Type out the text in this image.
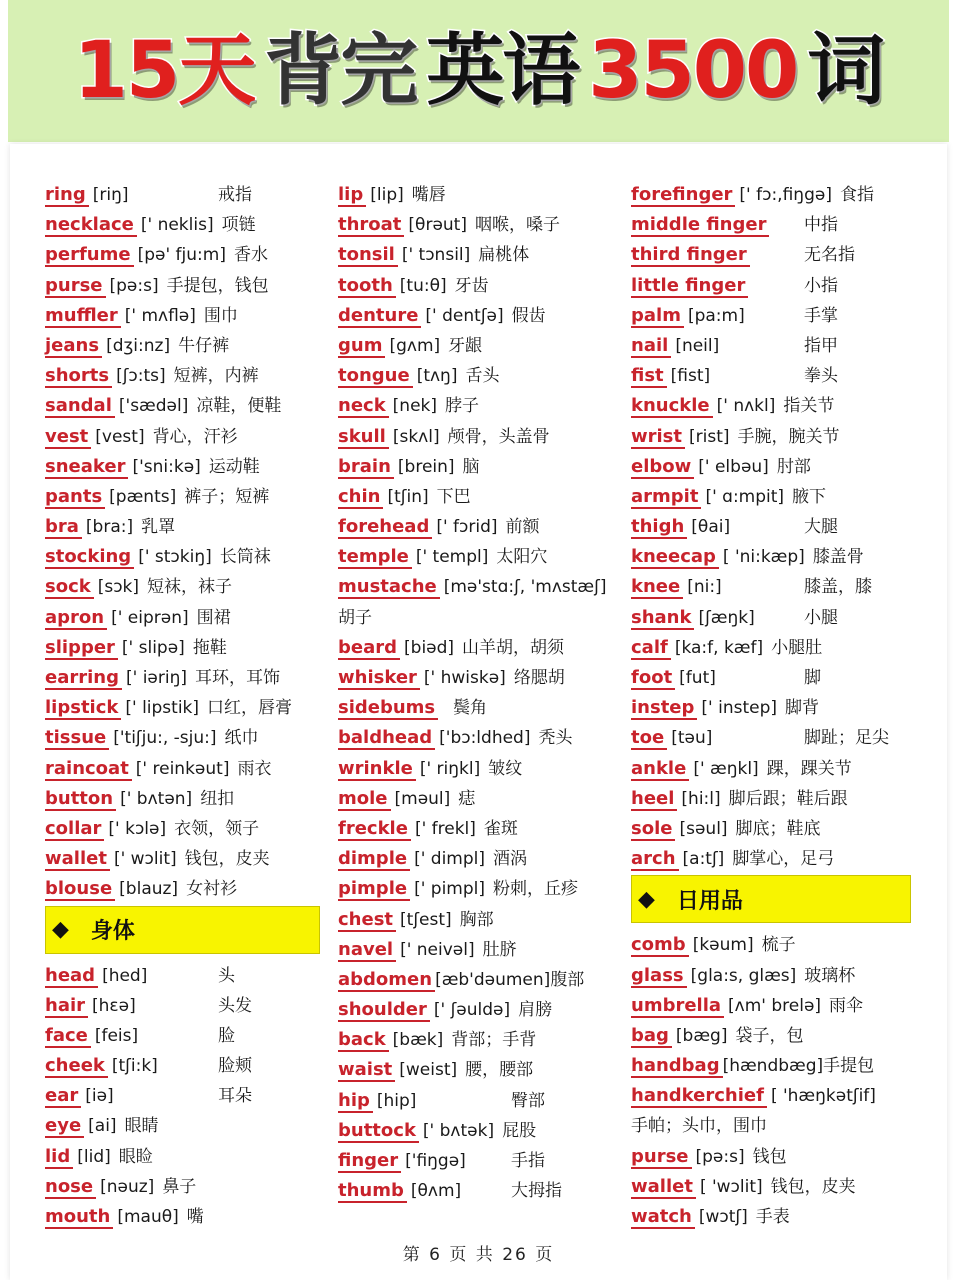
15天 背完 英语 3500 词
ring [riŋ]	戒指
necklace [' neklis] 项链
perfume [pə' fju:m] 香水
purse [pə:s] 手提包，钱包
muffler [' mʌflə] 围巾
jeans [dʒi:nz] 牛仔裤
shorts [ʃɔ:ts] 短裤，内裤
sandal ['sædəl] 凉鞋，便鞋
vest [vest] 背心，汗衫
sneaker ['sni:kə] 运动鞋
pants [pænts] 裤子；短裤
bra [bra:] 乳罩
stocking [' stɔkiŋ] 长筒袜
sock [sɔk] 短袜，袜子
apron [' eiprən] 围裙
slipper [' slipə] 拖鞋
earring [' iəriŋ] 耳环，耳饰
lipstick [' lipstik] 口红，唇膏
tissue ['tiʃju:, -sju:] 纸巾
raincoat [' reinkəut] 雨衣
button [' bʌtən] 纽扣
collar [' kɔlə] 衣领，领子
wallet [' wɔlit] 钱包，皮夹
blouse [blauz] 女衬衫
◆ 身体
head [hed]	头
hair [hεə]	头发
face [feis]	脸
cheek [tʃi:k]	脸颊
ear [iə]	耳朵
eye [ai] 眼睛
lid [lid] 眼睑
nose [nəuz] 鼻子
mouth [mauθ] 嘴
lip [lip] 嘴唇
throat [θrəut] 咽喉，嗓子
tonsil [' tɔnsil] 扁桃体
tooth [tu:θ] 牙齿
denture [' dentʃə] 假齿
gum [gʌm] 牙龈
tongue [tʌŋ] 舌头
neck [nek] 脖子
skull [skʌl] 颅骨，头盖骨
brain [brein] 脑
chin [tʃin] 下巴
forehead [' fɔrid] 前额
temple [' templ] 太阳穴
mustache [mə'stɑ:ʃ, 'mʌstæʃ]
胡子
beard [biəd] 山羊胡，胡须
whisker [' hwiskə] 络腮胡
sidebums 鬓角
baldhead ['bɔ:ldhed] 秃头
wrinkle [' riŋkl] 皱纹
mole [məul] 痣
freckle [' frekl] 雀斑
dimple [' dimpl] 酒涡
pimple [' pimpl] 粉刺，丘疹
chest [tʃest] 胸部
navel [' neivəl] 肚脐
abdomen [æb'dəumen]腹部
shoulder [' ʃəuldə] 肩膀
back [bæk] 背部；手背
waist [weist] 腰，腰部
hip [hip]	臀部
buttock [' bʌtək] 屁股
finger ['fiŋgə]	手指
thumb [θʌm]	大拇指
forefinger [' fɔ:,fiŋgə] 食指
middle finger 中指
third finger	无名指
little finger	小指
palm [pa:m]	手掌
nail [neil]	指甲
fist [fist]	拳头
knuckle [' nʌkl] 指关节
wrist [rist] 手腕，腕关节
elbow [' elbəu] 肘部
armpit [' ɑ:mpit] 腋下
thigh [θai]	大腿
kneecap [ 'ni:kæp] 膝盖骨
knee [ni:]	膝盖，膝
shank [ʃæŋk]	小腿
calf [ka:f, kæf] 小腿肚
foot [fut]	脚
instep [' instep] 脚背
toe [təu]	脚趾；足尖
ankle [' æŋkl] 踝，踝关节
heel [hi:l] 脚后跟；鞋后跟
sole [səul] 脚底；鞋底
arch [a:tʃ] 脚掌心，足弓
◆ 日用品
comb [kəum] 梳子
glass [gla:s, glæs] 玻璃杯
umbrella [ʌm' brelə] 雨伞
bag [bæg] 袋子，包
handbag [hændbæg]手提包
handkerchief [ 'hæŋkətʃif]
手帕；头巾，围巾
purse [pə:s] 钱包
wallet [ 'wɔlit] 钱包，皮夹
watch [wɔtʃ] 手表
第 6 页 共 26 页
